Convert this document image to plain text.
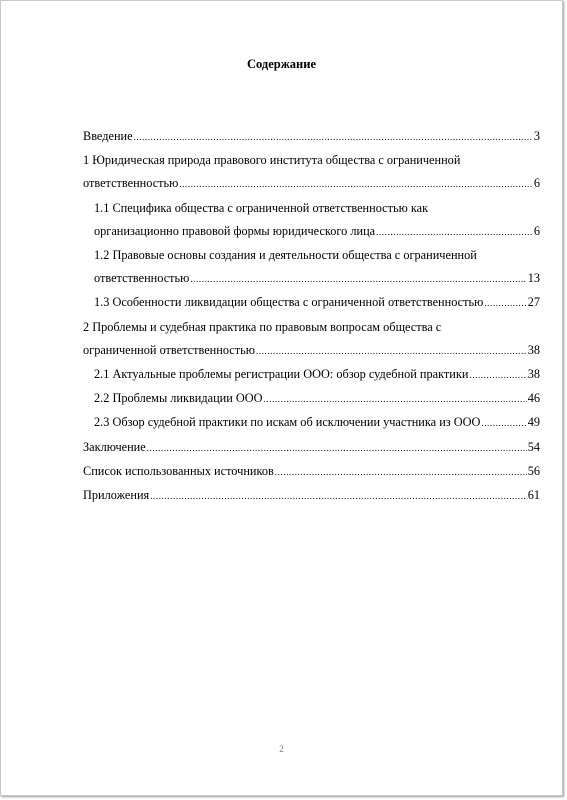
Содержание
Введение .....	3
1 Юридическая природа правового института общества с ограниченной
ответственностью .....	6
1.1 Специфика общества с ограниченной ответственностью как
организационно правовой формы юридического лица .....	6
1.2 Правовые основы создания и деятельности общества с ограниченной
ответственностью .....	13
1.3 Особенности ликвидации общества с ограниченной ответственностью .....	27
2 Проблемы и судебная практика по правовым вопросам общества с
ограниченной ответственностью .....	38
2.1 Актуальные проблемы регистрации ООО: обзор судебной практики .....	38
2.2 Проблемы ликвидации ООО .....	46
2.3 Обзор судебной практики по искам об исключении участника из ООО .....	49
Заключение .....	54
Список использованных источников .....	56
Приложения .....	61
2
